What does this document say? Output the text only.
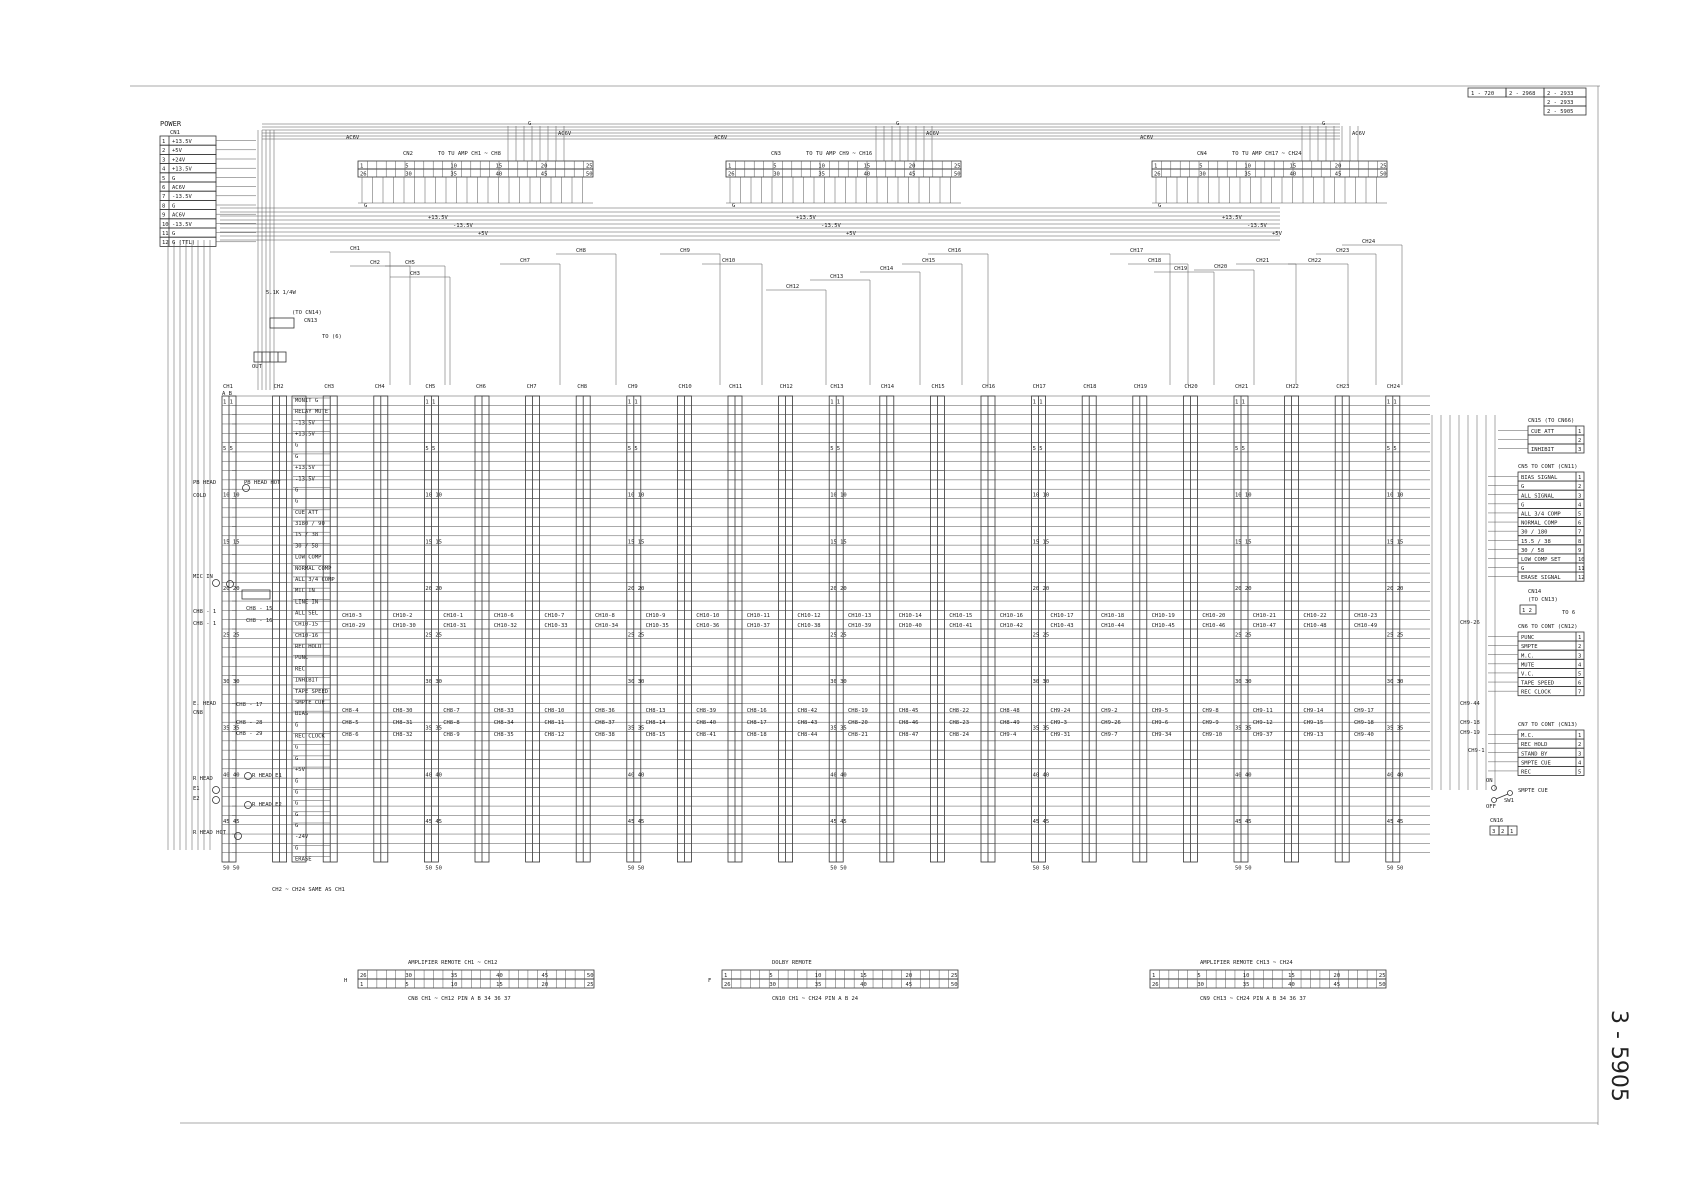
1 - 720	2 - 2968 2 - 2933
2 - 2933
2 - 5905
POWER
CN1
1 +13.5V
2 +5V
3 +24V
4 +13.5V
5 G
6 AC6V
7 -13.5V
8 G
9 AC6V
10 -13.5V
11 G
12 G (TTL)
1	5	10	15	20	25
26	30	35	40	45	50
CN2	TO TU AMP CH1 ~ CH8
AC6V
AC6V
G
G
+13.5V
-13.5V
+5V
1	5	10	15	20	25
26	30	35	40	45	50
CN3	TO TU AMP CH9 ~ CH16
AC6V
AC6V
G
G
+13.5V
-13.5V
+5V
1	5	10	15	20	25
26	30	35	40	45	50
CN4	TO TU AMP CH17 ~ CH24
AC6V
AC6V
G
G
+13.5V
-13.5V
+5V
CH1
CH2
CH3
CH5	CH7
CH8	CH9
CH10
CH12
CH13
CH14
CH15
CH16	CH17
CH18
CH19	CH20
CH21	CH22
CH23
CH24
CH1
1 1
5 5
10 10
15 15
20 20
25 25
30 30
35 35
40 40
45 45
50 50
CH2	CH3	CH4	CH5
1 1
5 5
10 10
15 15
20 20
25 25
30 30
35 35
40 40
45 45
50 50
CH6	CH7	CH8	CH9
1 1
5 5
10 10
15 15
20 20
25 25
30 30
35 35
40 40
45 45
50 50
CH10	CH11	CH12	CH13
1 1
5 5
10 10
15 15
20 20
25 25
30 30
35 35
40 40
45 45
50 50
CH14	CH15	CH16	CH17
1 1
5 5
10 10
15 15
20 20
25 25
30 30
35 35
40 40
45 45
50 50
CH18	CH19	CH20	CH21
1 1
5 5
10 10
15 15
20 20
25 25
30 30
35 35
40 40
45 45
50 50
CH22	CH23	CH24
1 1
5 5
10 10
15 15
20 20
25 25
30 30
35 35
40 40
45 45
50 50
A B
MONIT G
RELAY MUTE
-13.5V
+13.5V
G
G
+13.5V
-13.5V
G
G
CUE ATT
3180 / 90
15 / 38
30 / 58
LOW COMP
NORMAL COMP
ALL 3/4 COMP
MIC IN
LINE IN
ALL SEL
CH10-15
CH10-16
REC HOLD
PUNC
REC
INHIBIT
TAPE SPEED
SMPTE CUE
BIAS
G
REC CLOCK
G
G
+5V
G
G
G
G
G
-24V
G
ERASE
CH10-3	CH10-2	CH10-1	CH10-6	CH10-7	CH10-8	CH10-9	CH10-10	CH10-11	CH10-12	CH10-13	CH10-14	CH10-15	CH10-16	CH10-17	CH10-18	CH10-19	CH10-20	CH10-21	CH10-22	CH10-23
CH10-29	CH10-30	CH10-31	CH10-32	CH10-33	CH10-34	CH10-35	CH10-36	CH10-37	CH10-38	CH10-39	CH10-40	CH10-41	CH10-42	CH10-43	CH10-44	CH10-45	CH10-46	CH10-47	CH10-48	CH10-49
CH8-4	CH8-30	CH8-7	CH8-33	CH8-10	CH8-36	CH8-13	CH8-39	CH8-16	CH8-42	CH8-19	CH8-45	CH8-22	CH8-48	CH9-24	CH9-2	CH9-5	CH9-8	CH9-11	CH9-14	CH9-17
CH8-5	CH8-31	CH8-8	CH8-34	CH8-11	CH8-37	CH8-14	CH8-40	CH8-17	CH8-43	CH8-20	CH8-46	CH8-23	CH8-49	CH9-3	CH9-26	CH9-6	CH9-9	CH9-12	CH9-15	CH9-18
CH8-6	CH8-32	CH8-9	CH8-35	CH8-12	CH8-38	CH8-15	CH8-41	CH8-18	CH8-44	CH8-21	CH8-47	CH8-24	CH9-4	CH9-31	CH9-7	CH9-34	CH9-10	CH9-37	CH9-13	CH9-40
PB HEAD	PB HEAD HOT
COLD
MIC IN
CH8 - 1
CH8 - 1
E. HEAD
CN8
R HEAD
E1
E2
R HEAD HOT
R HEAD E1
R HEAD E2
5.1K 1/4W
(TO CN14)
CN13
TO (6)
OUT
CH8 - 15
CH8 - 16
CH8 - 17
CH8 - 28
CH8 - 29
CN15 (TO CN66)
CUE ATT	1
2
INHIBIT	3
CN5 TO CONT (CN11)
BIAS SIGNAL	1
G	2
ALL SIGNAL	3
G	4
ALL 3/4 COMP	5
NORMAL COMP	6
30 / 180	7
15.5 / 38	8
30 / 58	9
LOW COMP SET	10
G	11
ERASE SIGNAL	12
CN14
(TO CN13)
1 2	TO 6
CN6 TO CONT (CN12)
PUNC	1
SMPTE	2
M.C.	3
MUTE	4
V.C.	5
TAPE SPEED	6
REC CLOCK	7
CH9-44
CH9-26
CH9-18
CH9-19
CH9-1
CN7 TO CONT (CN13)
M.C.	1
REC HOLD	2
STAND BY	3
SMPTE CUE	4
REC	5
ON
OFF
SMPTE CUE
SW1
CN16
3 2 1
CH2 ~ CH24 SAME AS CH1
AMPLIFIER REMOTE CH1 ~ CH12
H
26	30	35	40	45	50
1	5	10	15	20	25
CN8 CH1 ~ CH12 PIN A B 34 36 37
DOLBY REMOTE
F
1	5	10	15	20	25
26	30	35	40	45	50
CN10 CH1 ~ CH24 PIN A B 24
AMPLIFIER REMOTE CH13 ~ CH24
1	5	10	15	20	25
26	30	35	40	45	50
CN9 CH13 ~ CH24 PIN A B 34 36 37
3 - 5905
